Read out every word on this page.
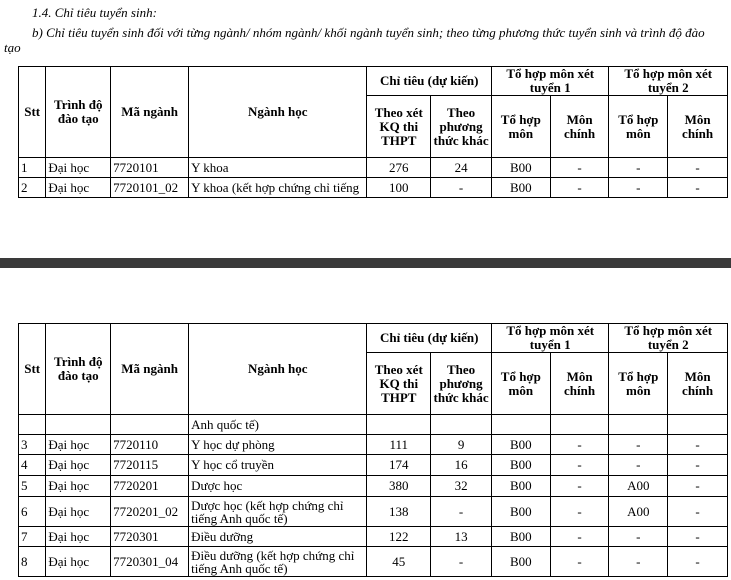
1.4. Chỉ tiêu tuyển sinh:
b) Chỉ tiêu tuyển sinh đối với từng ngành/ nhóm ngành/ khối ngành tuyển sinh; theo từng phương thức tuyển sinh và trình độ đào
tạo
Stt	Trình độ đào tạo	Mã ngành	Ngành học	Chỉ tiêu (dự kiến)		Tổ hợp môn xét tuyển 1		Tổ hợp môn xét tuyển 2	
				Theo xét KQ thi THPT	Theo phương thức khác	Tổ hợp môn	Môn chính	Tổ hợp môn	Môn chính
1	Đại học	7720101	Y khoa	276	24	B00	-	-	-
2	Đại học	7720101_02	Y khoa (kết hợp chứng chỉ tiếng	100	-	B00	-	-	-
Stt	Trình độ đào tạo	Mã ngành	Ngành học	Chỉ tiêu (dự kiến)		Tổ hợp môn xét tuyển 1		Tổ hợp môn xét tuyển 2	
				Theo xét KQ thi THPT	Theo phương thức khác	Tổ hợp môn	Môn chính	Tổ hợp môn	Môn chính
			Anh quốc tế)						
3	Đại học	7720110	Y học dự phòng	111	9	B00	-	-	-
4	Đại học	7720115	Y học cổ truyền	174	16	B00	-	-	-
5	Đại học	7720201	Dược học	380	32	B00	-	A00	-
6	Đại học	7720201_02	Dược học (kết hợp chứng chỉ tiếng Anh quốc tế)	138	-	B00	-	A00	-
7	Đại học	7720301	Điều dưỡng	122	13	B00	-	-	-
8	Đại học	7720301_04	Điều dưỡng (kết hợp chứng chỉ tiếng Anh quốc tế)	45	-	B00	-	-	-
